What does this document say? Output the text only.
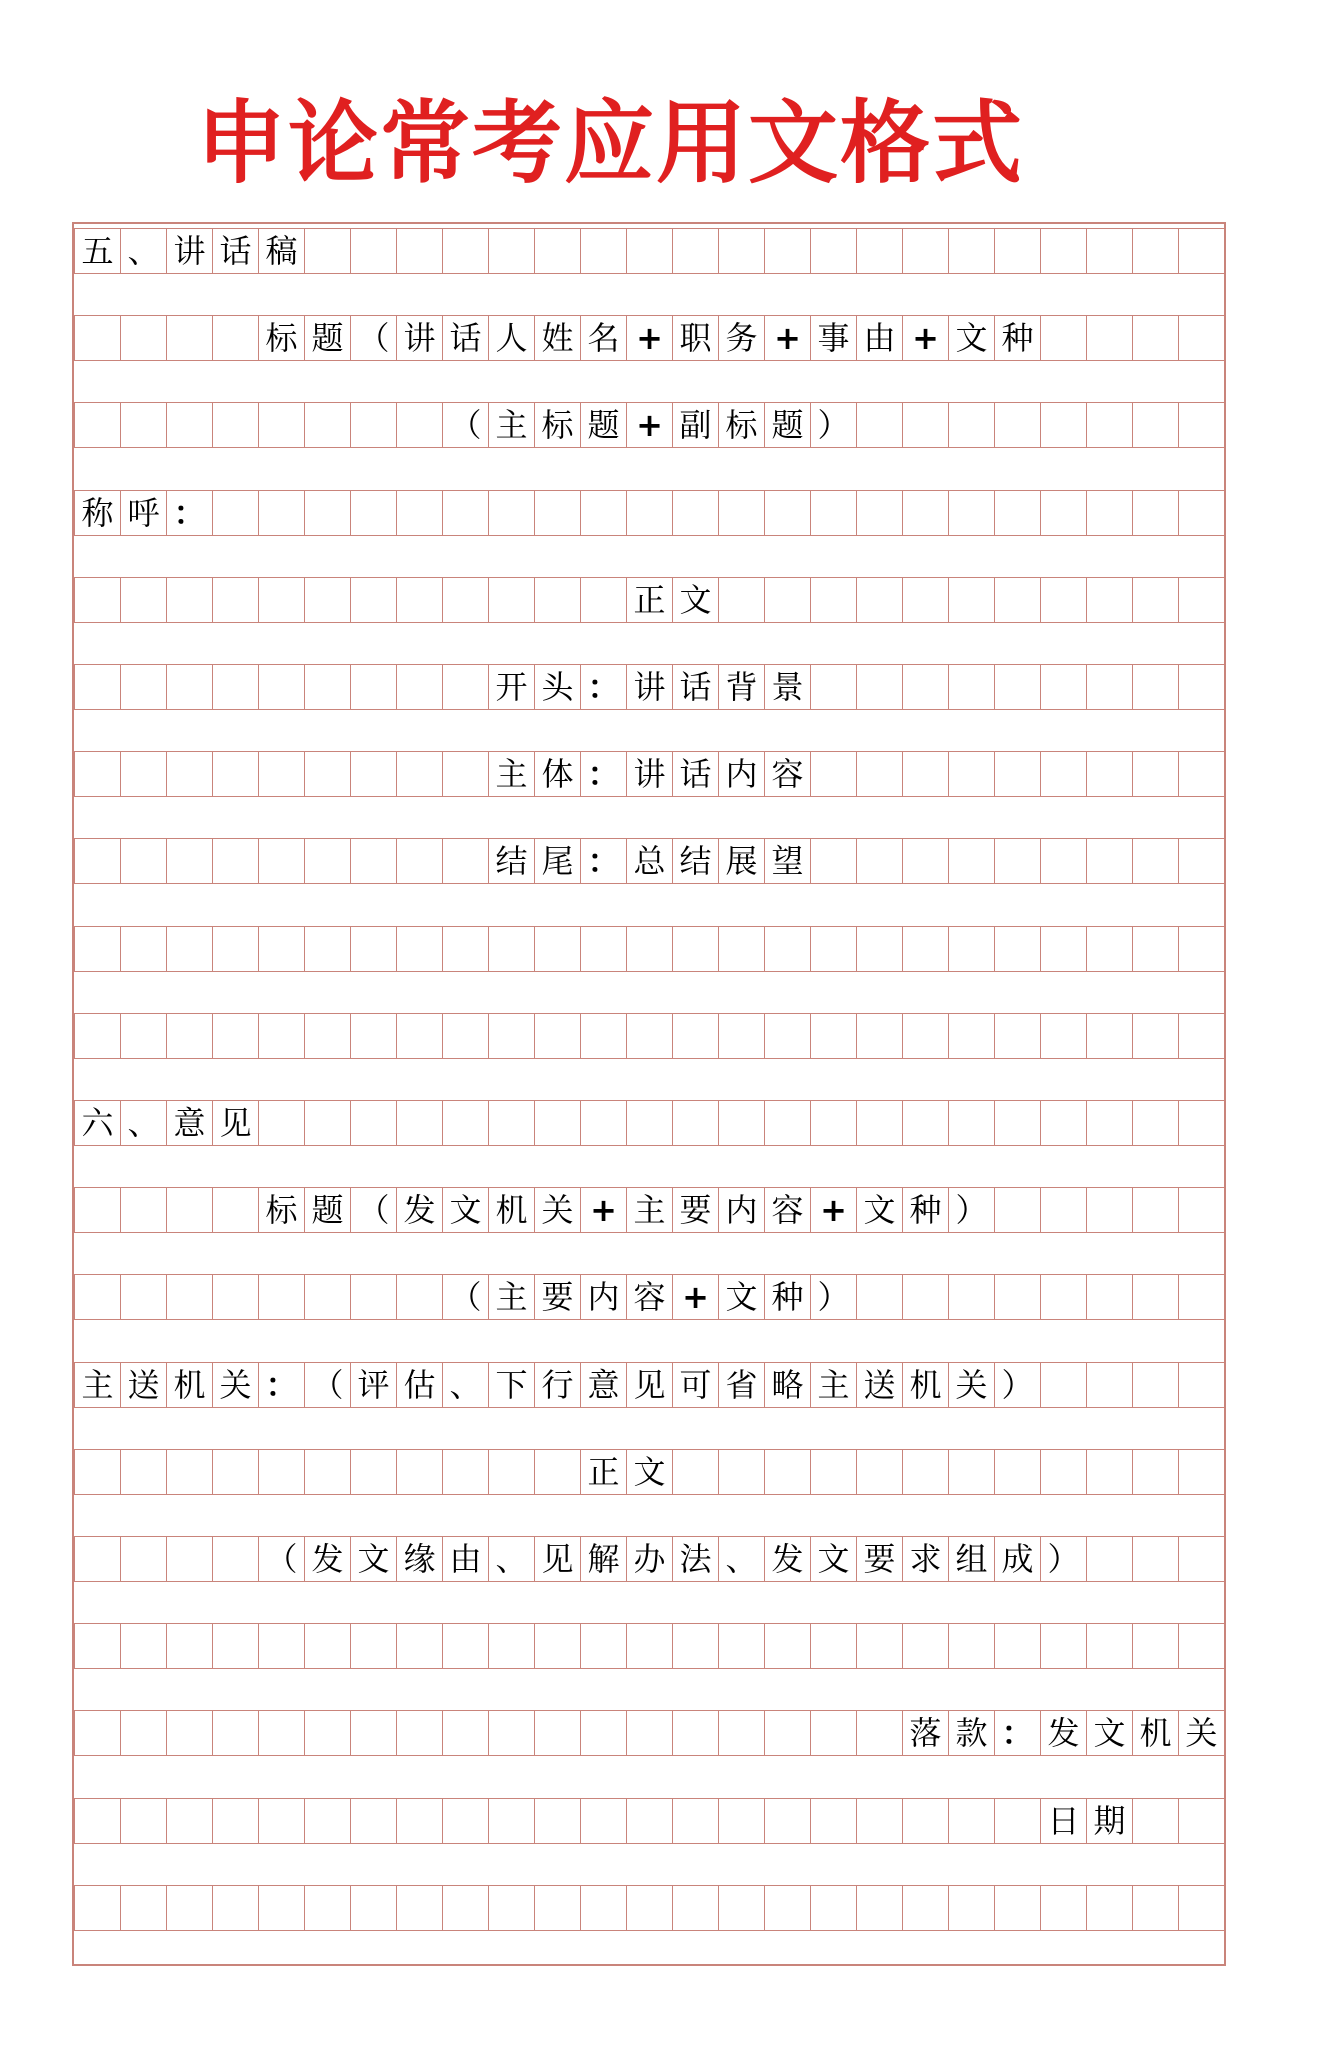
申论常考应用文格式
五 、 讲 话 稿
标 题 （ 讲 话 人 姓 名 + 职 务 + 事 由 + 文 种
（ 主 标 题 + 副 标 题 ）
称 呼 ：
正 文
开 头 ： 讲 话 背 景
主 体 ： 讲 话 内 容
结 尾 ： 总 结 展 望
六 、 意 见
标 题 （ 发 文 机 关 + 主 要 内 容 + 文 种 ）
（ 主 要 内 容 + 文 种 ）
主 送 机 关 ： （ 评 估 、 下 行 意 见 可 省 略 主 送 机 关 ）
正 文
（ 发 文 缘 由 、 见 解 办 法 、 发 文 要 求 组 成 ）
落 款 ： 发 文 机 关
日 期
